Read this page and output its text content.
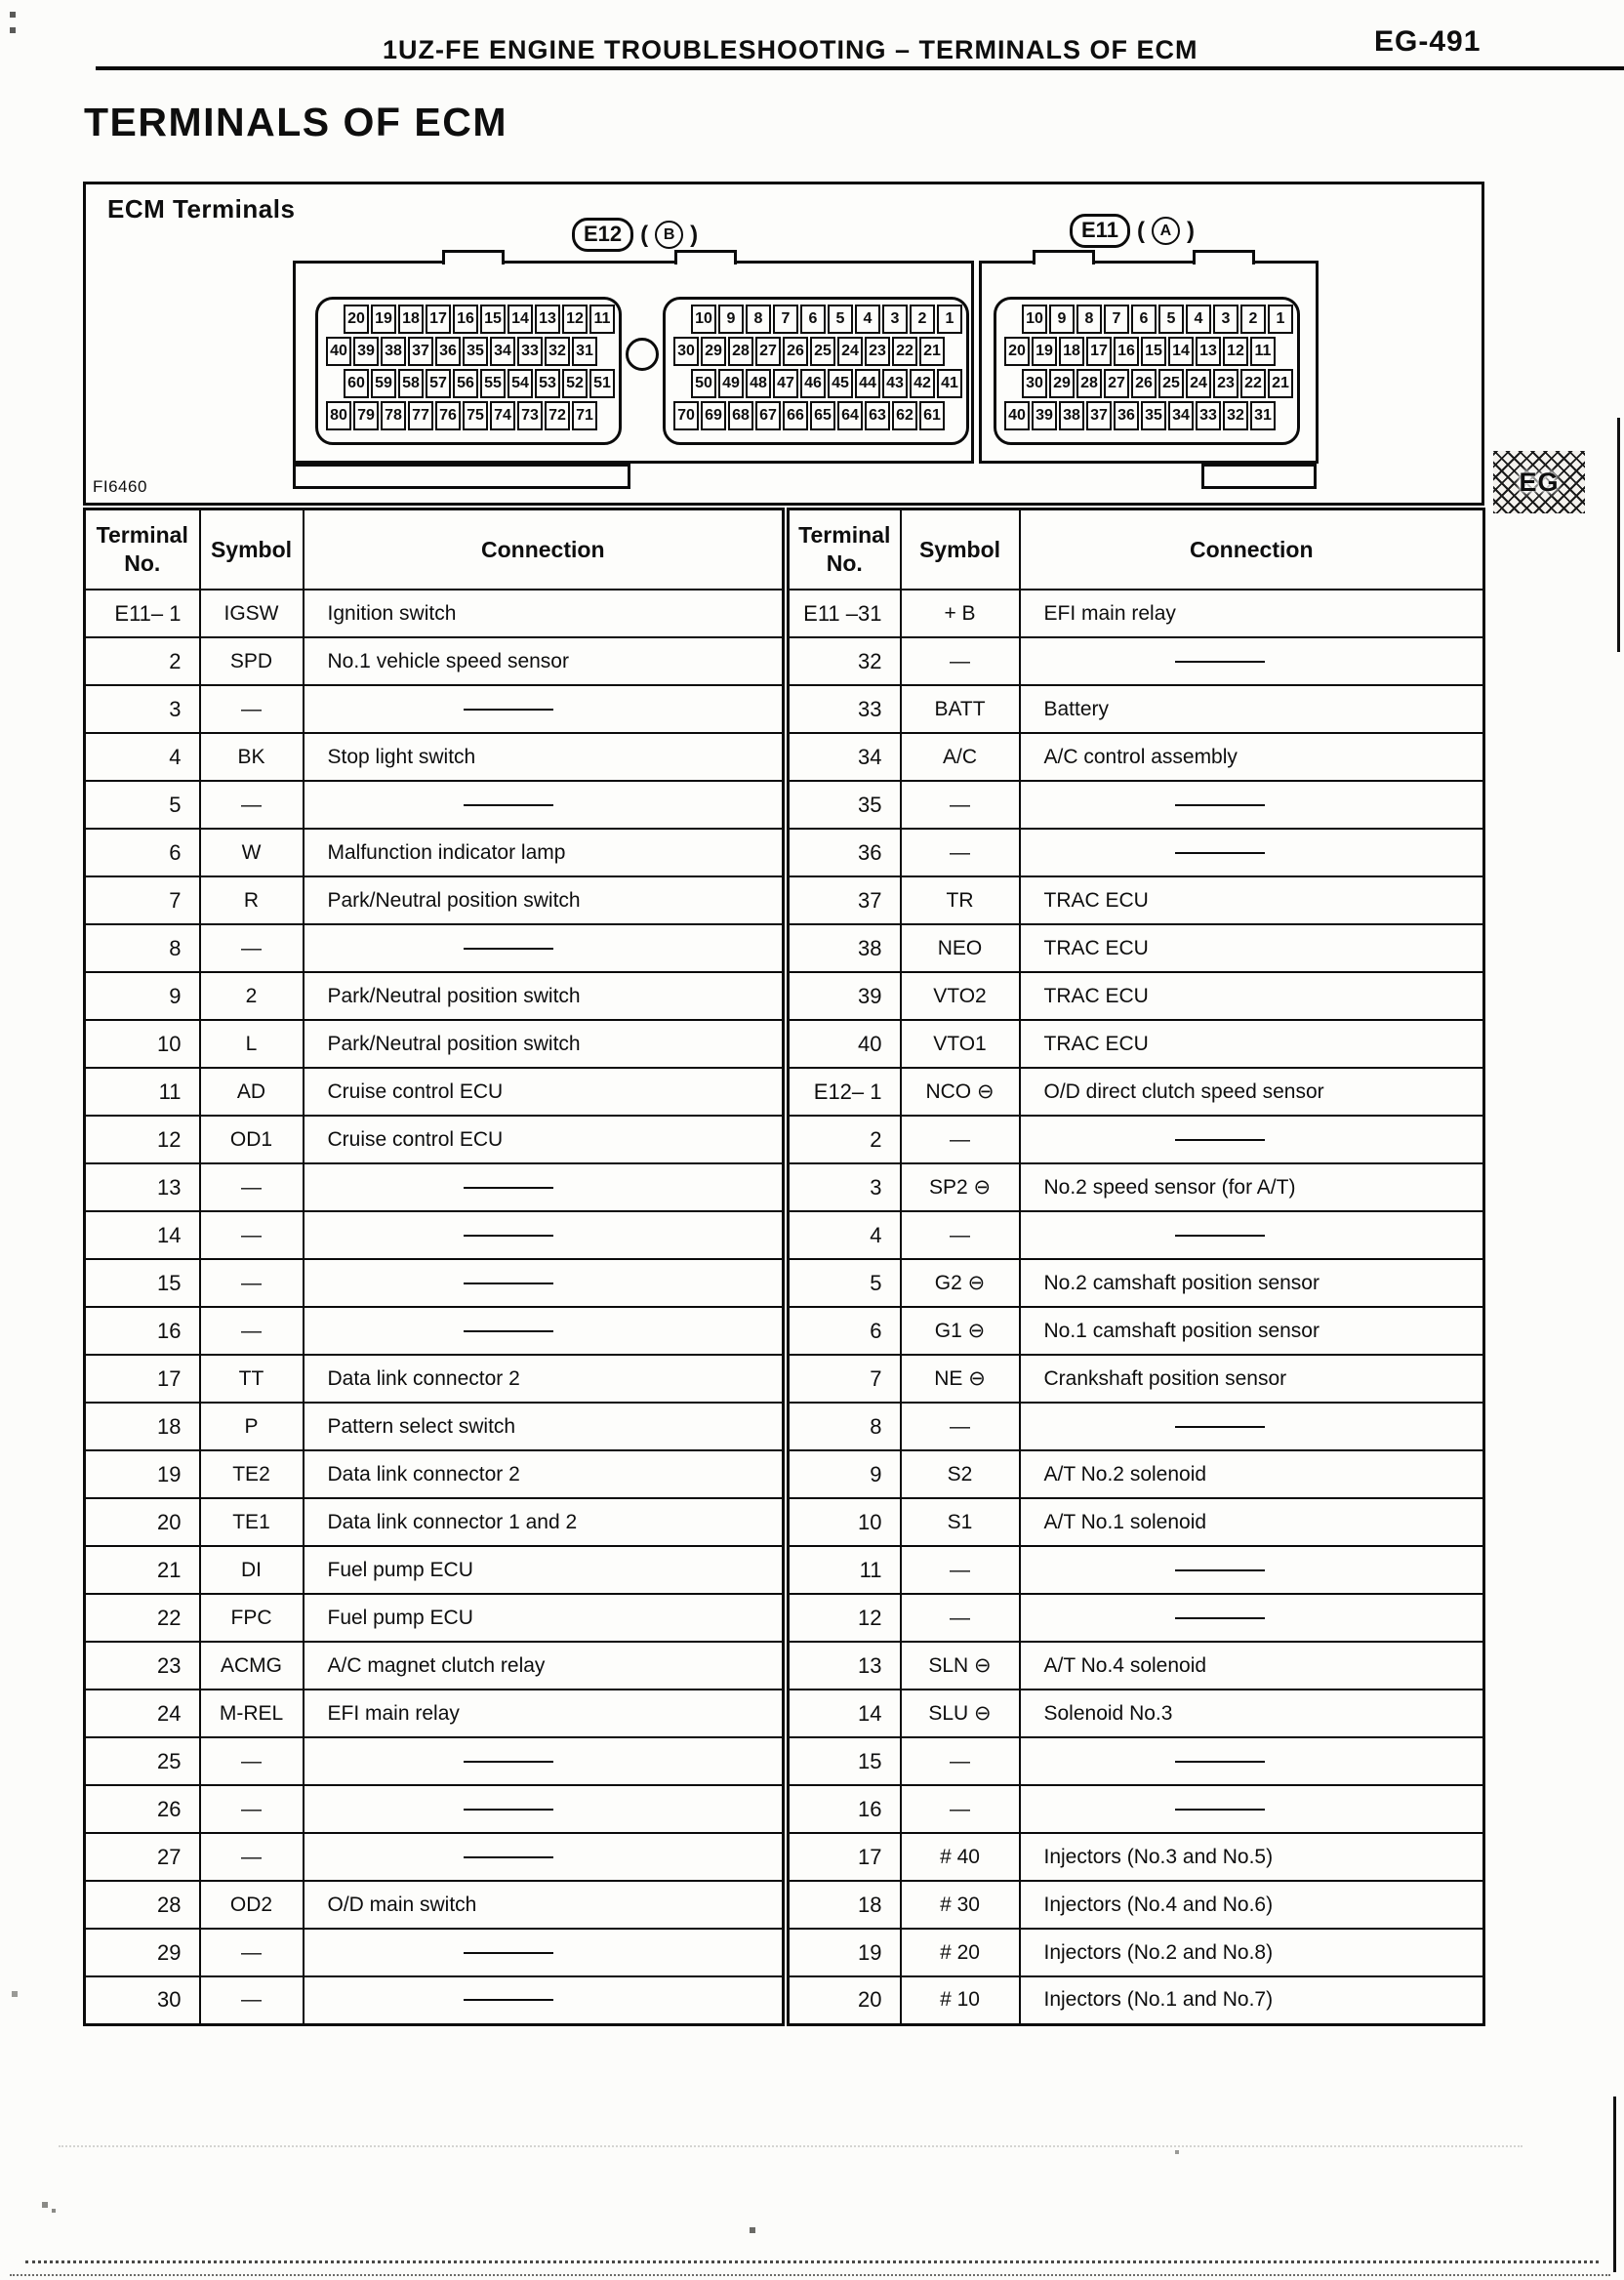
1UZ-FE ENGINE TROUBLESHOOTING – TERMINALS OF ECM	EG-491
TERMINALS OF ECM
ECM Terminals
E12 ( B )	E11 ( A )
20 19 18 17 16 15 14 13 12 11
40 39 38 37 36 35 34 33 32 31
60 59 58 57 56 55 54 53 52 51
80 79 78 77 76 75 74 73 72 71
10 9	8	7	6	5	4	3	2	1
30 29 28 27 26 25 24 23 22 21
50 49 48 47 46 45 44 43 42 41
70 69 68 67 66 65 64 63 62 61
10 9	8	7	6	5	4	3	2	1
20 19 18 17 16 15 14 13 12 11
30 29 28 27 26 25 24 23 22 21
40 39 38 37 36 35 34 33 32 31
FI6460	EG
Terminal
No.	Symbol	Connection
E11– 1	IGSW	Ignition switch
2	SPD	No.1 vehicle speed sensor
3	—	

4	BK	Stop light switch
5	—	

6	W	Malfunction indicator lamp
7	R	Park/Neutral position switch
8	—	

9	2	Park/Neutral position switch
10	L	Park/Neutral position switch
11	AD	Cruise control ECU
12	OD1	Cruise control ECU
13	—	

14	—	

15	—	

16	—	

17	TT	Data link connector 2
18	P	Pattern select switch
19	TE2	Data link connector 2
20	TE1	Data link connector 1 and 2
21	DI	Fuel pump ECU
22	FPC	Fuel pump ECU
23	ACMG	A/C magnet clutch relay
24	M-REL	EFI main relay
25	—	

26	—	

27	—	

28	OD2	O/D main switch
29	—	

30	—	
Terminal
No.	Symbol	Connection
E11 –31	+ B	EFI main relay
32	—	

33	BATT	Battery
34	A/C	A/C control assembly
35	—	

36	—	

37	TR	TRAC ECU
38	NEO	TRAC ECU
39	VTO2	TRAC ECU
40	VTO1	TRAC ECU
E12– 1	NCO ⊖	O/D direct clutch speed sensor
2	—	

3	SP2 ⊖	No.2 speed sensor (for A/T)
4	—	

5	G2 ⊖	No.2 camshaft position sensor
6	G1 ⊖	No.1 camshaft position sensor
7	NE ⊖	Crankshaft position sensor
8	—	

9	S2	A/T No.2 solenoid
10	S1	A/T No.1 solenoid
11	—	

12	—	

13	SLN ⊖	A/T No.4 solenoid
14	SLU ⊖	Solenoid No.3
15	—	

16	—	

17	# 40	Injectors (No.3 and No.5)
18	# 30	Injectors (No.4 and No.6)
19	# 20	Injectors (No.2 and No.8)
20	# 10	Injectors (No.1 and No.7)
